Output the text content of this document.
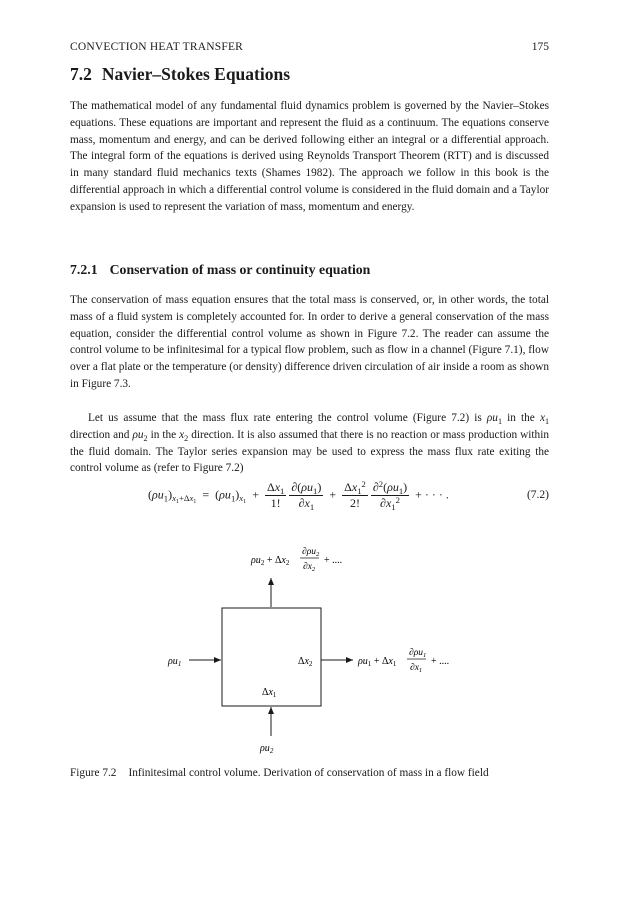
CONVECTION HEAT TRANSFER	175
7.2 Navier–Stokes Equations
The mathematical model of any fundamental fluid dynamics problem is governed by the Navier–Stokes equations. These equations are important and represent the fluid as a continuum. The equations conserve mass, momentum and energy, and can be derived following either an integral or a differential approach. The integral form of the equations is derived using Reynolds Transport Theorem (RTT) and is discussed in many standard fluid mechanics texts (Shames 1982). The approach we follow in this book is the differential approach in which a differential control volume is considered in the fluid domain and a Taylor expansion is used to represent the variation of mass, momentum and energy.
7.2.1 Conservation of mass or continuity equation
The conservation of mass equation ensures that the total mass is conserved, or, in other words, the total mass of a fluid system is completely accounted for. In order to derive a general conservation of the mass equation, consider the differential control volume as shown in Figure 7.2. The reader can assume the control volume to be infinitesimal for a typical flow problem, such as flow in a channel (Figure 7.1), flow over a flat plate or the temperature (or density) difference driven circulation of air inside a room as shown in Figure 7.3.
Let us assume that the mass flux rate entering the control volume (Figure 7.2) is $\rho u_1$ in the $x_1$ direction and $\rho u_2$ in the $x_2$ direction. It is also assumed that there is no reaction or mass production within the fluid domain. The Taylor series expansion may be used to express the mass flux rate exiting the control volume as (refer to Figure 7.2)
$(\rho u_1)_{x_1+\Delta x_1} = (\rho u_1)_{x_1} + \frac{\Delta x_1}{1!}$
$\frac{\partial(\rho u_1)}{\partial x_1} + \frac{\Delta x_1^2}{2!}$
$\frac{\partial^2(\rho u_1)}{\partial x_1^2}$ + · · · .	(7.2)
$\rho u_1$
$\rho u_2$
$\Delta x_1$
$\Delta x_2$	$\rho u_1 + \Delta x_1$
$\partial\rho u_1$
$\partial x_1$
+ ....
$\rho u_2 + \Delta x_2$
$\partial\rho u_2$
$\partial x_2$
+ ....
Figure 7.2 Infinitesimal control volume. Derivation of conservation of mass in a flow field
